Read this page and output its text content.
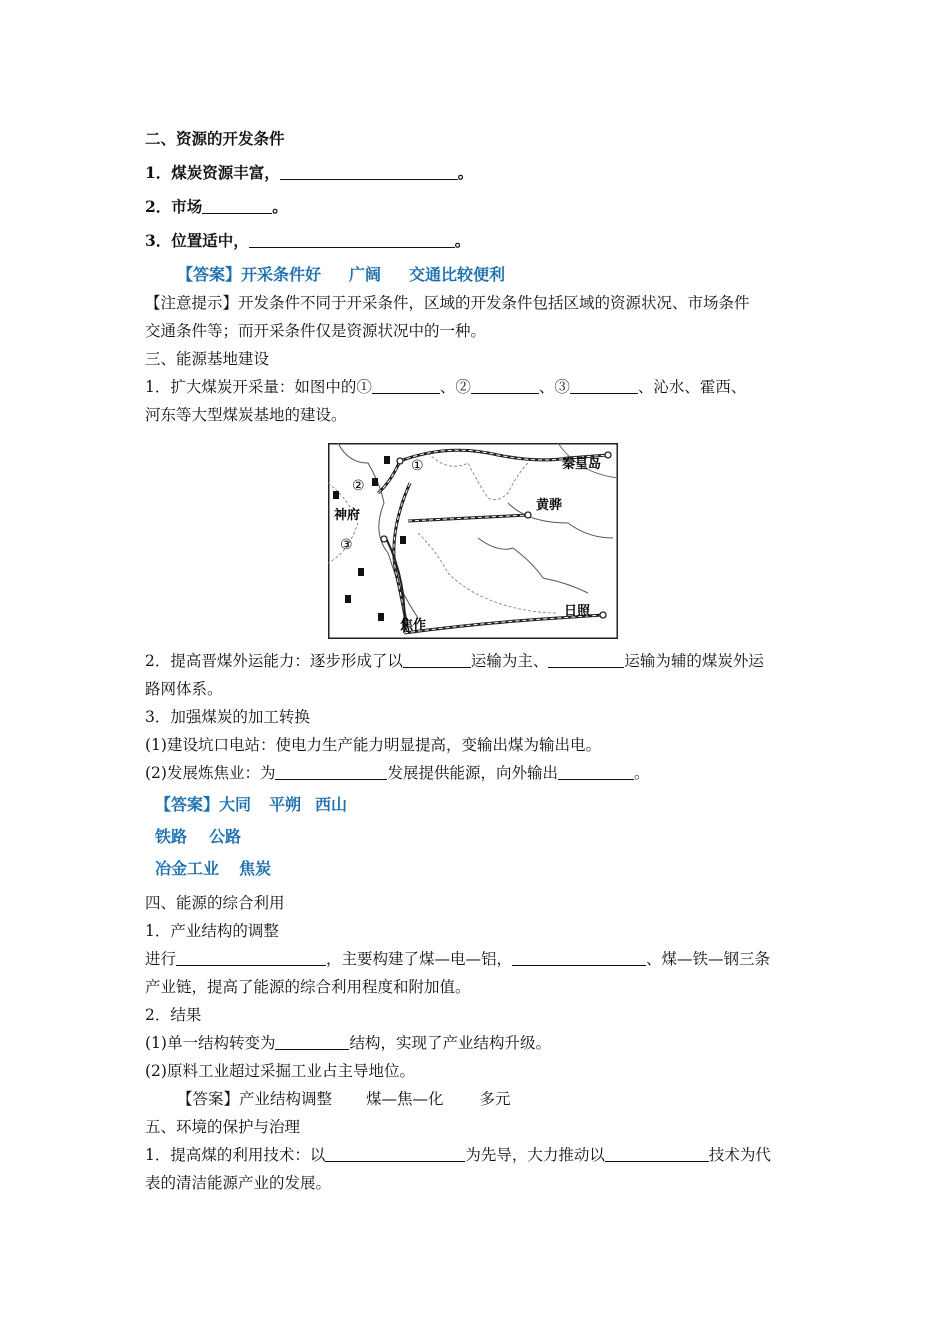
二、资源的开发条件
1．煤炭资源丰富，	。
2．市场	。
3．位置适中，	。
【答案】开采条件好 广阔 交通比较便利
【注意提示】开发条件不同于开采条件，区域的开发条件包括区域的资源状况、市场条件
交通条件等；而开采条件仅是资源状况中的一种。
三、能源基地建设
1．扩大煤炭开采量：如图中的①	、②	、③	、沁水、霍西、
河东等大型煤炭基地的建设。
①
②
③
秦皇岛
黄骅
神府
焦作
日照
2．提高晋煤外运能力：逐步形成了以	运输为主、	运输为辅的煤炭外运
路网体系。
3．加强煤炭的加工转换
(1)建设坑口电站：使电力生产能力明显提高，变输出煤为输出电。
(2)发展炼焦业：为	发展提供能源，向外输出	。
【答案】大同 平朔 西山
铁路 公路
冶金工业 焦炭
四、能源的综合利用
1．产业结构的调整
进行	，主要构建了煤—电—铝，	、煤—铁—钢三条
产业链，提高了能源的综合利用程度和附加值。
2．结果
(1)单一结构转变为	结构，实现了产业结构升级。
(2)原料工业超过采掘工业占主导地位。
【答案】产业结构调整 煤—焦—化 多元
五、环境的保护与治理
1．提高煤的利用技术：以	为先导，大力推动以	技术为代
表的清洁能源产业的发展。
